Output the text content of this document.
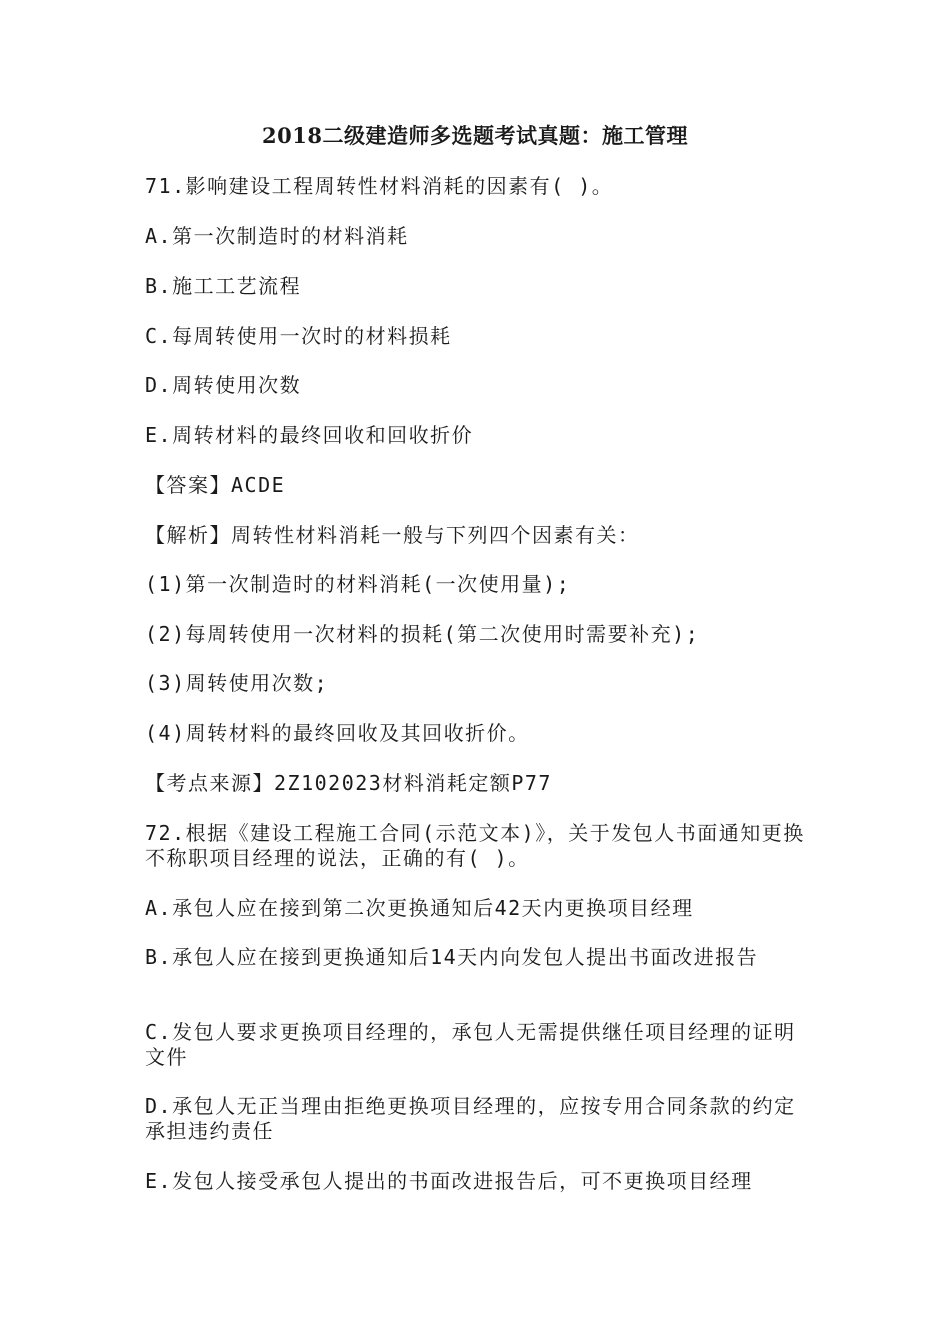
2018二级建造师多选题考试真题：施工管理
71.影响建设工程周转性材料消耗的因素有( )。
A.第一次制造时的材料消耗
B.施工工艺流程
C.每周转使用一次时的材料损耗
D.周转使用次数
E.周转材料的最终回收和回收折价
【答案】ACDE
【解析】周转性材料消耗一般与下列四个因素有关：
(1)第一次制造时的材料消耗(一次使用量);
(2)每周转使用一次材料的损耗(第二次使用时需要补充);
(3)周转使用次数;
(4)周转材料的最终回收及其回收折价。
【考点来源】2Z102023材料消耗定额P77
72.根据《建设工程施工合同(示范文本)》，关于发包人书面通知更换不称职项目经理的说法，正确的有( )。
A.承包人应在接到第二次更换通知后42天内更换项目经理
B.承包人应在接到更换通知后14天内向发包人提出书面改进报告
C.发包人要求更换项目经理的，承包人无需提供继任项目经理的证明文件
D.承包人无正当理由拒绝更换项目经理的，应按专用合同条款的约定承担违约责任
E.发包人接受承包人提出的书面改进报告后，可不更换项目经理
